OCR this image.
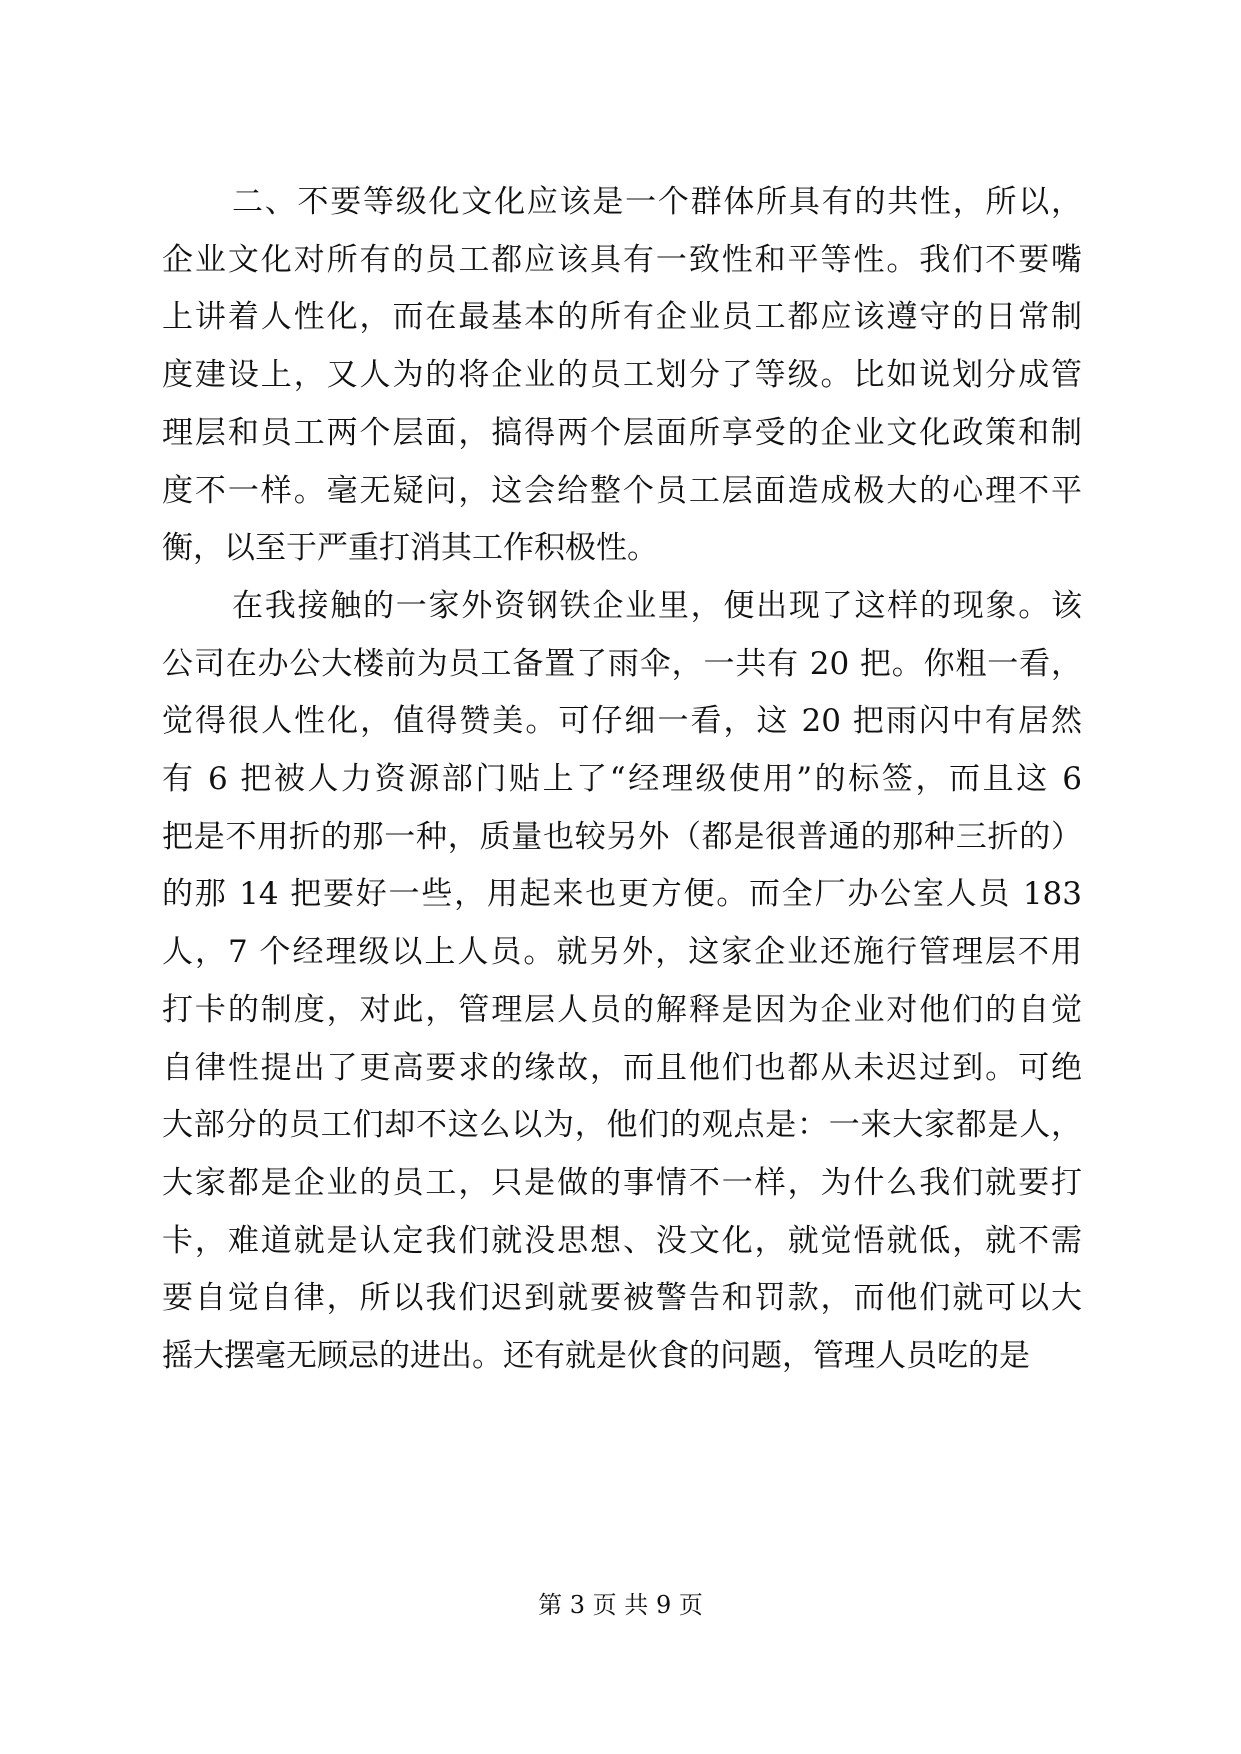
二、不要等级化文化应该是一个群体所具有的共性，所以，
企业文化对所有的员工都应该具有一致性和平等性。我们不要嘴
上讲着人性化，而在最基本的所有企业员工都应该遵守的日常制
度建设上，又人为的将企业的员工划分了等级。比如说划分成管
理层和员工两个层面，搞得两个层面所享受的企业文化政策和制
度不一样。毫无疑问，这会给整个员工层面造成极大的心理不平
衡，以至于严重打消其工作积极性。
在我接触的一家外资钢铁企业里，便出现了这样的现象。该
公司在办公大楼前为员工备置了雨伞，一共有 20 把。你粗一看，
觉得很人性化，值得赞美。可仔细一看，这 20 把雨闪中有居然
有 6 把被人力资源部门贴上了“经理级使用”的标签，而且这 6
把是不用折的那一种，质量也较另外（都是很普通的那种三折的）
的那 14 把要好一些，用起来也更方便。而全厂办公室人员 183
人，7 个经理级以上人员。就另外，这家企业还施行管理层不用
打卡的制度，对此，管理层人员的解释是因为企业对他们的自觉
自律性提出了更高要求的缘故，而且他们也都从未迟过到。可绝
大部分的员工们却不这么以为，他们的观点是：一来大家都是人，
大家都是企业的员工，只是做的事情不一样，为什么我们就要打
卡，难道就是认定我们就没思想、没文化，就觉悟就低，就不需
要自觉自律，所以我们迟到就要被警告和罚款，而他们就可以大
摇大摆毫无顾忌的进出。还有就是伙食的问题，管理人员吃的是
第 3 页 共 9 页
